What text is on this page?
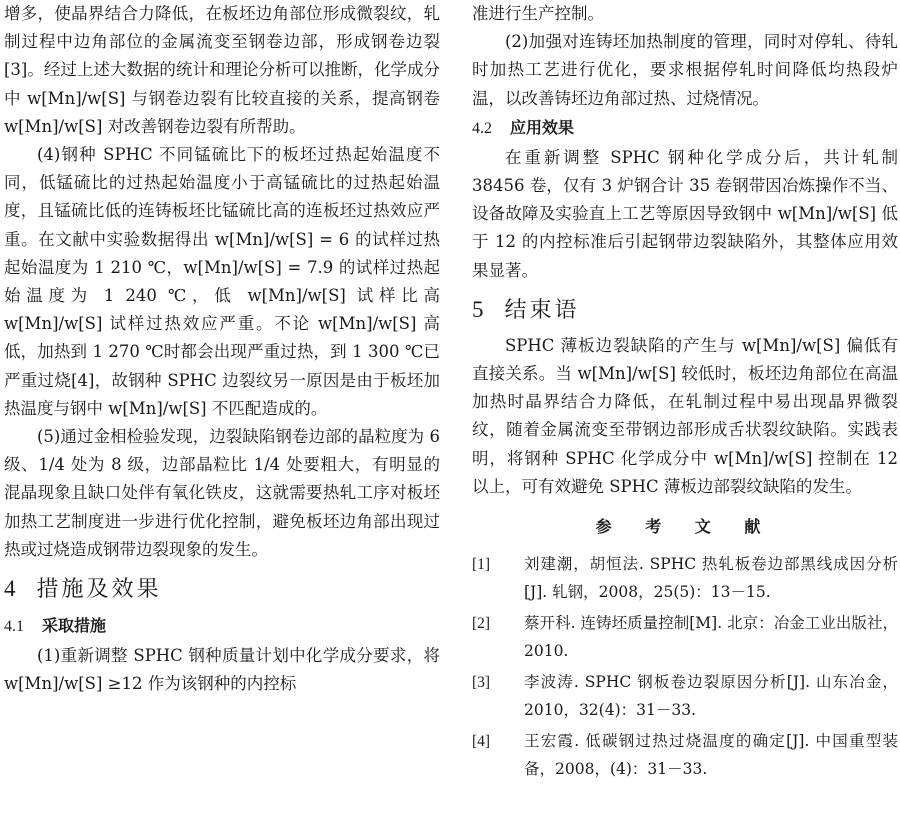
增多，使晶界结合力降低，在板坯边角部位形成微裂纹，轧制过程中边角部位的金属流变至钢卷边部，形成钢卷边裂[3]。经过上述大数据的统计和理论分析可以推断，化学成分中 w[Mn]/w[S] 与钢卷边裂有比较直接的关系，提高钢卷 w[Mn]/w[S] 对改善钢卷边裂有所帮助。

(4)钢种 SPHC 不同锰硫比下的板坯过热起始温度不同，低锰硫比的过热起始温度小于高锰硫比的过热起始温度，且锰硫比低的连铸板坯比锰硫比高的连板坯过热效应严重。在文献中实验数据得出 w[Mn]/w[S] = 6 的试样过热起始温度为 1 210 ℃，w[Mn]/w[S] = 7.9 的试样过热起始温度为 1 240 ℃，低 w[Mn]/w[S] 试样比高 w[Mn]/w[S] 试样过热效应严重。不论 w[Mn]/w[S] 高低，加热到 1 270 ℃时都会出现严重过热，到 1 300 ℃已严重过烧[4]，故钢种 SPHC 边裂纹另一原因是由于板坯加热温度与钢中 w[Mn]/w[S] 不匹配造成的。

(5)通过金相检验发现，边裂缺陷钢卷边部的晶粒度为 6 级、1/4 处为 8 级，边部晶粒比 1/4 处要粗大，有明显的混晶现象且缺口处伴有氧化铁皮，这就需要热轧工序对板坯加热工艺制度进一步进行优化控制，避免板坯边角部出现过热或过烧造成钢带边裂现象的发生。

4 措施及效果
4.1 采取措施

(1)重新调整 SPHC 钢种质量计划中化学成分要求，将 w[Mn]/w[S] ≥12 作为该钢种的内控标

准进行生产控制。

(2)加强对连铸坯加热制度的管理，同时对停轧、待轧时加热工艺进行优化，要求根据停轧时间降低均热段炉温，以改善铸坯边角部过热、过烧情况。

4.2 应用效果

在重新调整 SPHC 钢种化学成分后，共计轧制 38456 卷，仅有 3 炉钢合计 35 卷钢带因冶炼操作不当、设备故障及实验直上工艺等原因导致钢中 w[Mn]/w[S] 低于 12 的内控标准后引起钢带边裂缺陷外，其整体应用效果显著。

5 结束语

SPHC 薄板边裂缺陷的产生与 w[Mn]/w[S] 偏低有直接关系。当 w[Mn]/w[S] 较低时，板坯边角部位在高温加热时晶界结合力降低，在轧制过程中易出现晶界微裂纹，随着金属流变至带钢边部形成舌状裂纹缺陷。实践表明，将钢种 SPHC 化学成分中 w[Mn]/w[S] 控制在 12 以上，可有效避免 SPHC 薄板边部裂纹缺陷的发生。

参 考 文 献
[1]	刘建潮，胡恒法. SPHC 热轧板卷边部黑线成因分析[J]. 轧钢，2008，25(5)：13－15.
[2]	蔡开科. 连铸坯质量控制[M]. 北京：冶金工业出版社，2010.
[3]	李波涛. SPHC 钢板卷边裂原因分析[J]. 山东冶金，2010，32(4)：31－33.
[4]	王宏霞. 低碳钢过热过烧温度的确定[J]. 中国重型装备，2008，(4)：31－33.
